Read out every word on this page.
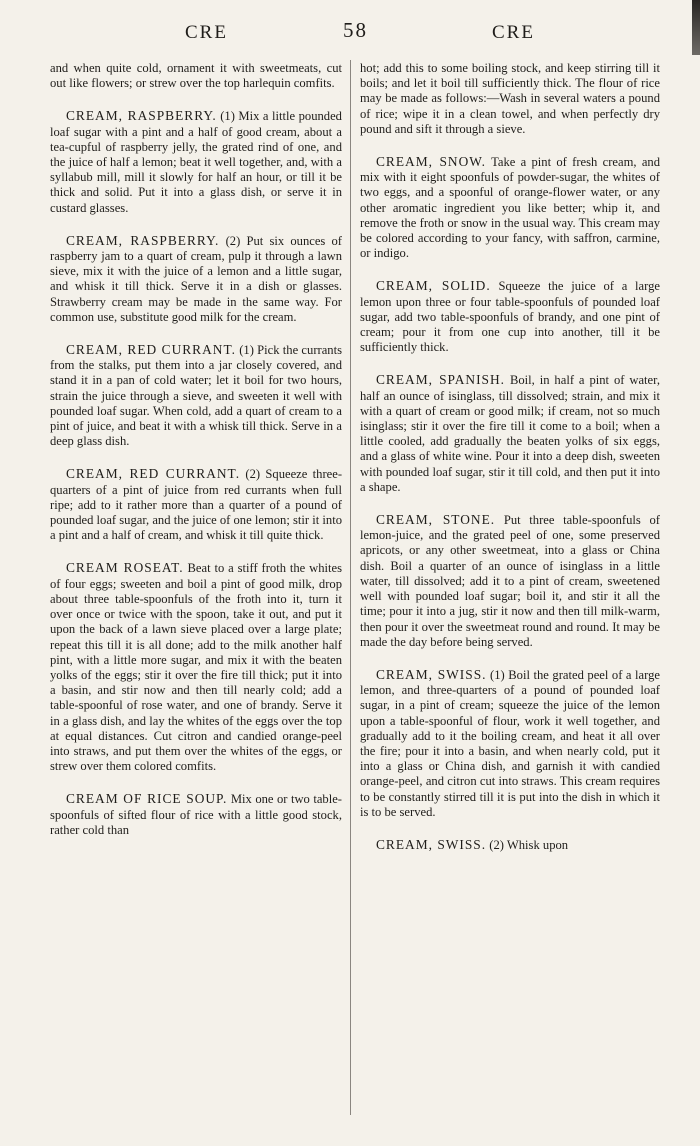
CRE	58	CRE

and when quite cold, ornament it with sweetmeats, cut out like flowers; or strew over the top harlequin comfits.

CREAM, RASPBERRY. (1) Mix a little pounded loaf sugar with a pint and a half of good cream, about a tea-cupful of raspberry jelly, the grated rind of one, and the juice of half a lemon; beat it well together, and, with a syllabub mill, mill it slowly for half an hour, or till it be thick and solid. Put it into a glass dish, or serve it in custard glasses.

CREAM, RASPBERRY. (2) Put six ounces of raspberry jam to a quart of cream, pulp it through a lawn sieve, mix it with the juice of a lemon and a little sugar, and whisk it till thick. Serve it in a dish or glasses. Strawberry cream may be made in the same way. For common use, substitute good milk for the cream.

CREAM, RED CURRANT. (1) Pick the currants from the stalks, put them into a jar closely covered, and stand it in a pan of cold water; let it boil for two hours, strain the juice through a sieve, and sweeten it well with pounded loaf sugar. When cold, add a quart of cream to a pint of juice, and beat it with a whisk till thick. Serve in a deep glass dish.

CREAM, RED CURRANT. (2) Squeeze three-quarters of a pint of juice from red currants when full ripe; add to it rather more than a quarter of a pound of pounded loaf sugar, and the juice of one lemon; stir it into a pint and a half of cream, and whisk it till quite thick.

CREAM ROSEAT. Beat to a stiff froth the whites of four eggs; sweeten and boil a pint of good milk, drop about three table-spoonfuls of the froth into it, turn it over once or twice with the spoon, take it out, and put it upon the back of a lawn sieve placed over a large plate; repeat this till it is all done; add to the milk another half pint, with a little more sugar, and mix it with the beaten yolks of the eggs; stir it over the fire till thick; put it into a basin, and stir now and then till nearly cold; add a table-spoonful of rose water, and one of brandy. Serve it in a glass dish, and lay the whites of the eggs over the top at equal distances. Cut citron and candied orange-peel into straws, and put them over the whites of the eggs, or strew over them colored comfits.

CREAM OF RICE SOUP. Mix one or two table-spoonfuls of sifted flour of rice with a little good stock, rather cold than

hot; add this to some boiling stock, and keep stirring till it boils; and let it boil till sufficiently thick. The flour of rice may be made as follows:—Wash in several waters a pound of rice; wipe it in a clean towel, and when perfectly dry pound and sift it through a sieve.

CREAM, SNOW. Take a pint of fresh cream, and mix with it eight spoonfuls of powder-sugar, the whites of two eggs, and a spoonful of orange-flower water, or any other aromatic ingredient you like better; whip it, and remove the froth or snow in the usual way. This cream may be colored according to your fancy, with saffron, carmine, or indigo.

CREAM, SOLID. Squeeze the juice of a large lemon upon three or four table-spoonfuls of pounded loaf sugar, add two table-spoonfuls of brandy, and one pint of cream; pour it from one cup into another, till it be sufficiently thick.

CREAM, SPANISH. Boil, in half a pint of water, half an ounce of isinglass, till dissolved; strain, and mix it with a quart of cream or good milk; if cream, not so much isinglass; stir it over the fire till it come to a boil; when a little cooled, add gradually the beaten yolks of six eggs, and a glass of white wine. Pour it into a deep dish, sweeten with pounded loaf sugar, stir it till cold, and then put it into a shape.

CREAM, STONE. Put three table-spoonfuls of lemon-juice, and the grated peel of one, some preserved apricots, or any other sweetmeat, into a glass or China dish. Boil a quarter of an ounce of isinglass in a little water, till dissolved; add it to a pint of cream, sweetened well with pounded loaf sugar; boil it, and stir it all the time; pour it into a jug, stir it now and then till milk-warm, then pour it over the sweetmeat round and round. It may be made the day before being served.

CREAM, SWISS. (1) Boil the grated peel of a large lemon, and three-quarters of a pound of pounded loaf sugar, in a pint of cream; squeeze the juice of the lemon upon a table-spoonful of flour, work it well together, and gradually add to it the boiling cream, and heat it all over the fire; pour it into a basin, and when nearly cold, put it into a glass or China dish, and garnish it with candied orange-peel, and citron cut into straws. This cream requires to be constantly stirred till it is put into the dish in which it is to be served.

CREAM, SWISS. (2) Whisk upon
